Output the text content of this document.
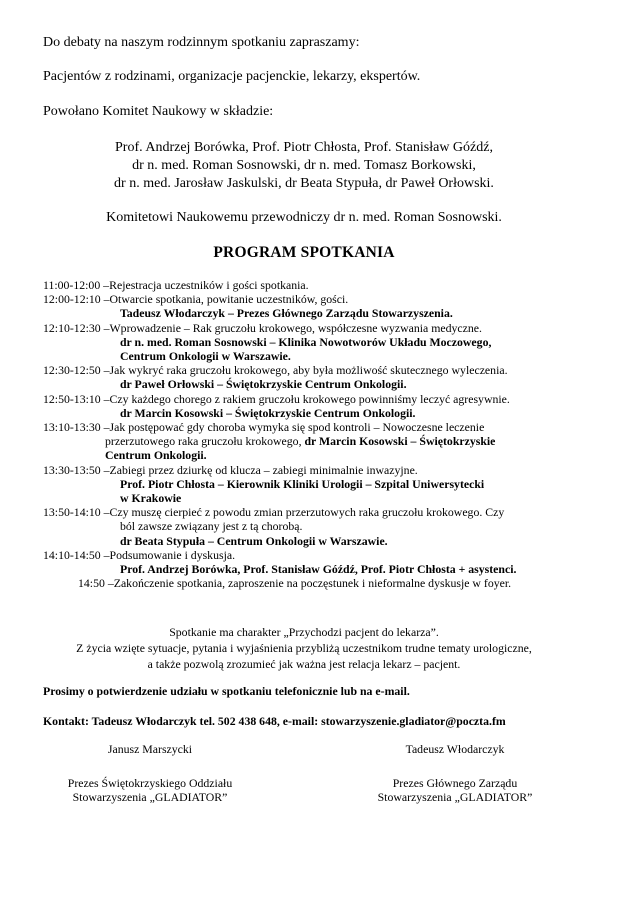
Do debaty na naszym rodzinnym spotkaniu zapraszamy:
Pacjentów z rodzinami, organizacje pacjenckie, lekarzy, ekspertów.
Powołano Komitet Naukowy w składzie:
Prof. Andrzej Borówka, Prof. Piotr Chłosta, Prof. Stanisław Góźdź,
dr n. med. Roman Sosnowski, dr n. med. Tomasz Borkowski,
dr n. med. Jarosław Jaskulski, dr Beata Stypuła, dr Paweł Orłowski.
Komitetowi Naukowemu przewodniczy dr n. med. Roman Sosnowski.
PROGRAM SPOTKANIA
11:00-12:00 – Rejestracja uczestników i gości spotkania.
12:00-12:10 – Otwarcie spotkania, powitanie uczestników, gości.
Tadeusz Włodarczyk – Prezes Głównego Zarządu Stowarzyszenia.
12:10-12:30 – Wprowadzenie – Rak gruczołu krokowego, współczesne wyzwania medyczne.
dr n. med. Roman Sosnowski – Klinika Nowotworów Układu Moczowego,
Centrum Onkologii w Warszawie.
12:30-12:50 – Jak wykryć raka gruczołu krokowego, aby była możliwość skutecznego wyleczenia.
dr Paweł Orłowski – Świętokrzyskie Centrum Onkologii.
12:50-13:10 – Czy każdego chorego z rakiem gruczołu krokowego powinniśmy leczyć agresywnie.
dr Marcin Kosowski – Świętokrzyskie Centrum Onkologii.
13:10-13:30 – Jak postępować gdy choroba wymyka się spod kontroli – Nowoczesne leczenie
przerzutowego raka gruczołu krokowego, dr Marcin Kosowski – Świętokrzyskie
Centrum Onkologii.
13:30-13:50 – Zabiegi przez dziurkę od klucza – zabiegi minimalnie inwazyjne.
Prof. Piotr Chłosta – Kierownik Kliniki Urologii – Szpital Uniwersytecki
w Krakowie
13:50-14:10 – Czy muszę cierpieć z powodu zmian przerzutowych raka gruczołu krokowego. Czy
ból zawsze związany jest z tą chorobą.
dr Beata Stypuła – Centrum Onkologii w Warszawie.
14:10-14:50 – Podsumowanie i dyskusja.
Prof. Andrzej Borówka, Prof. Stanisław Góźdź, Prof. Piotr Chłosta + asystenci.
14:50 – Zakończenie spotkania, zaproszenie na poczęstunek i nieformalne dyskusje w foyer.
Spotkanie ma charakter „Przychodzi pacjent do lekarza”.
Z życia wzięte sytuacje, pytania i wyjaśnienia przybliżą uczestnikom trudne tematy urologiczne,
a także pozwolą zrozumieć jak ważna jest relacja lekarz – pacjent.
Prosimy o potwierdzenie udziału w spotkaniu telefonicznie lub na e-mail.
Kontakt: Tadeusz Włodarczyk tel. 502 438 648, e-mail: stowarzyszenie.gladiator@poczta.fm
Janusz Marszycki
Prezes Świętokrzyskiego Oddziału
Stowarzyszenia „GLADIATOR”
Tadeusz Włodarczyk
Prezes Głównego Zarządu
Stowarzyszenia „GLADIATOR”
